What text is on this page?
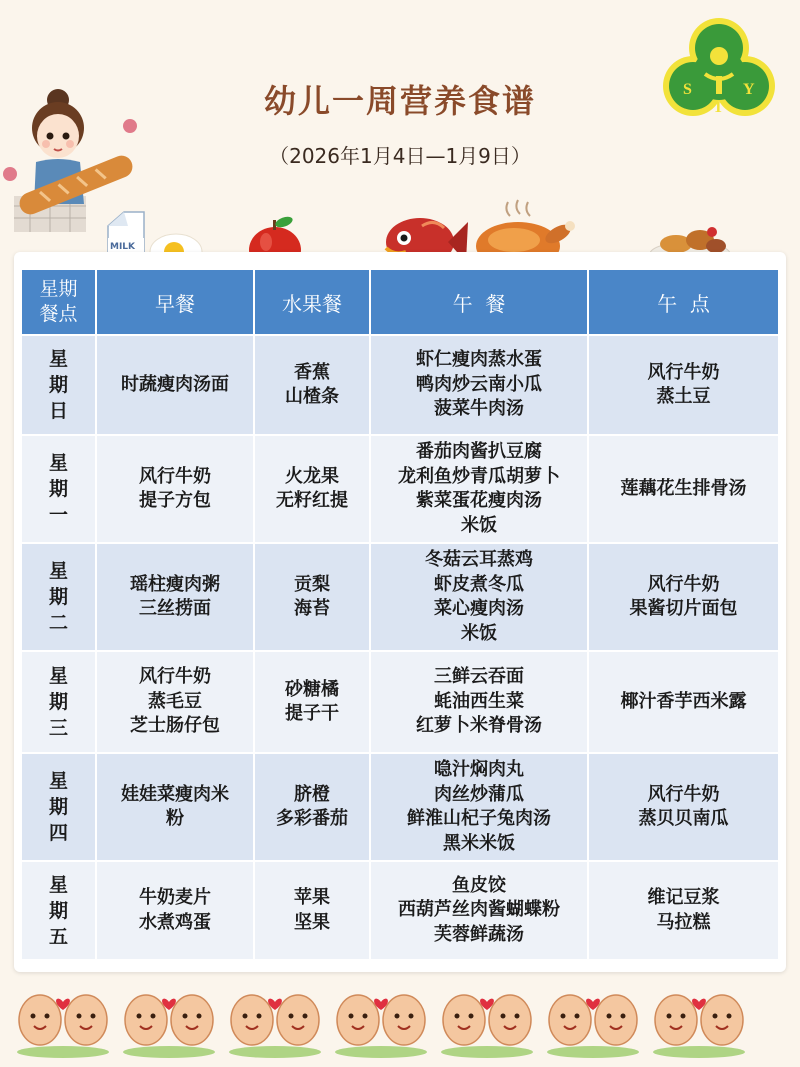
S
T
Y
MILK
幼儿一周营养食谱
（2026年1月4日—1月9日）
星期
餐点	早餐	水果餐	午  餐	午  点

星
期
日	时蔬瘦肉汤面	香蕉
山楂条	虾仁瘦肉蒸水蛋
鸭肉炒云南小瓜
菠菜牛肉汤	风行牛奶
蒸土豆

星
期
一	风行牛奶
提子方包	火龙果
无籽红提	番茄肉酱扒豆腐
龙利鱼炒青瓜胡萝卜
紫菜蛋花瘦肉汤
米饭	莲藕花生排骨汤

星
期
二	瑶柱瘦肉粥
三丝捞面	贡梨
海苔	冬菇云耳蒸鸡
虾皮煮冬瓜
菜心瘦肉汤
米饭	风行牛奶
果酱切片面包

星
期
三	风行牛奶
蒸毛豆
芝士肠仔包	砂糖橘
提子干	三鲜云吞面
蚝油西生菜
红萝卜米脊骨汤	椰汁香芋西米露

星
期
四	娃娃菜瘦肉米
粉	脐橙
多彩番茄	喼汁焖肉丸
肉丝炒蒲瓜
鲜淮山杞子兔肉汤
黑米米饭	风行牛奶
蒸贝贝南瓜

星
期
五	牛奶麦片
水煮鸡蛋	苹果
坚果	鱼皮饺
西葫芦丝肉酱蝴蝶粉
芙蓉鲜蔬汤	维记豆浆
马拉糕
